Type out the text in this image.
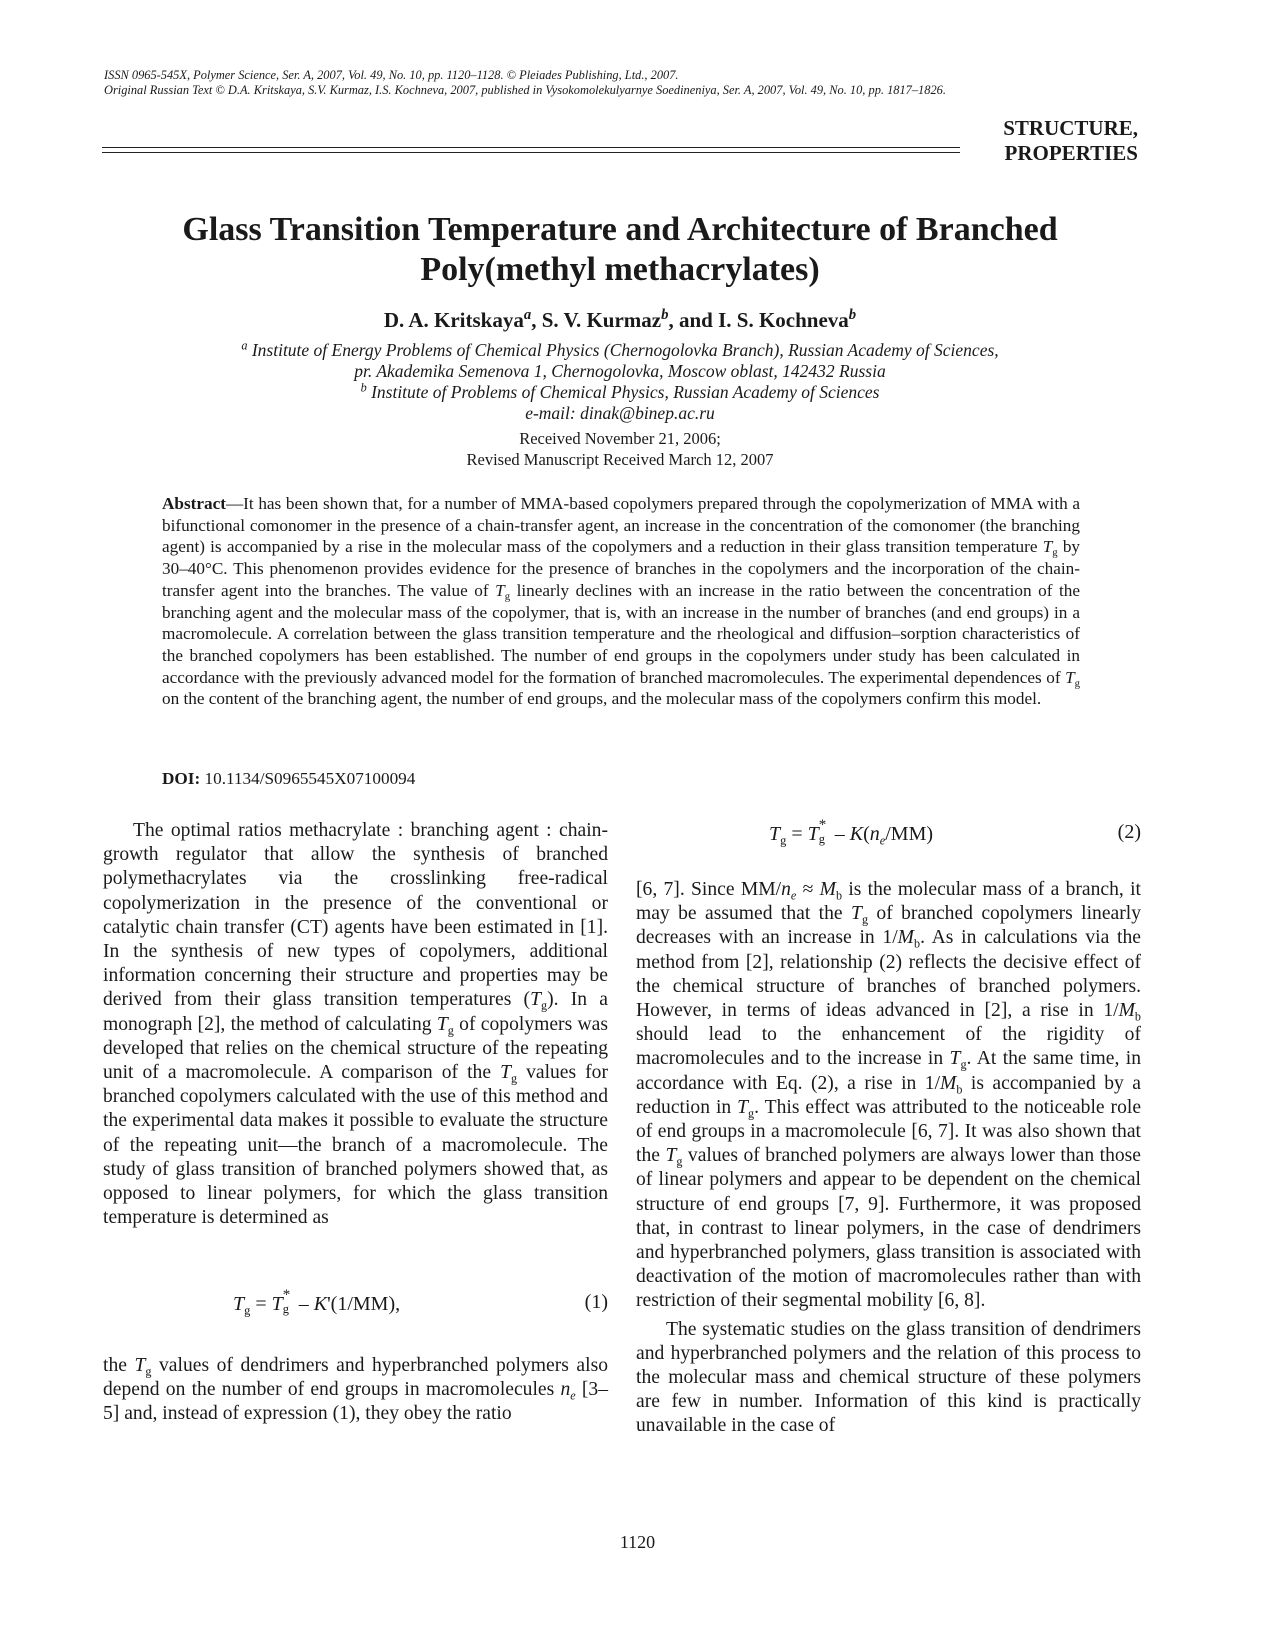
ISSN 0965-545X, Polymer Science, Ser. A, 2007, Vol. 49, No. 10, pp. 1120–1128. © Pleiades Publishing, Ltd., 2007.
Original Russian Text © D.A. Kritskaya, S.V. Kurmaz, I.S. Kochneva, 2007, published in Vysokomolekulyarnye Soedineniya, Ser. A, 2007, Vol. 49, No. 10, pp. 1817–1826.
STRUCTURE,
PROPERTIES
Glass Transition Temperature and Architecture of Branched
Poly(methyl methacrylates)
D. A. Kritskaya$^a$, S. V. Kurmaz$^b$, and I. S. Kochneva$^b$
$^a$ Institute of Energy Problems of Chemical Physics (Chernogolovka Branch), Russian Academy of Sciences,
pr. Akademika Semenova 1, Chernogolovka, Moscow oblast, 142432 Russia
$^b$ Institute of Problems of Chemical Physics, Russian Academy of Sciences
e-mail: dinak@binep.ac.ru
Received November 21, 2006;
Revised Manuscript Received March 12, 2007
Abstract—It has been shown that, for a number of MMA-based copolymers prepared through the copolymerization of MMA with a bifunctional comonomer in the presence of a chain-transfer agent, an increase in the concentration of the comonomer (the branching agent) is accompanied by a rise in the molecular mass of the copolymers and a reduction in their glass transition temperature $T_g$ by 30–40°C. This phenomenon provides evidence for the presence of branches in the copolymers and the incorporation of the chain-transfer agent into the branches. The value of $T_g$ linearly declines with an increase in the ratio between the concentration of the branching agent and the molecular mass of the copolymer, that is, with an increase in the number of branches (and end groups) in a macromolecule. A correlation between the glass transition temperature and the rheological and diffusion–sorption characteristics of the branched copolymers has been established. The number of end groups in the copolymers under study has been calculated in accordance with the previously advanced model for the formation of branched macromolecules. The experimental dependences of $T_g$ on the content of the branching agent, the number of end groups, and the molecular mass of the copolymers confirm this model.
DOI: 10.1134/S0965545X07100094

The optimal ratios methacrylate : branching agent : chain-growth regulator that allow the synthesis of branched polymethacrylates via the crosslinking free-radical copolymerization in the presence of the conventional or catalytic chain transfer (CT) agents have been estimated in [1]. In the synthesis of new types of copolymers, additional information concerning their structure and properties may be derived from their glass transition temperatures $(T_g)$. In a monograph [2], the method of calculating $T_g$ of copolymers was developed that relies on the chemical structure of the repeating unit of a macromolecule. A comparison of the $T_g$ values for branched copolymers calculated with the use of this method and the experimental data makes it possible to evaluate the structure of the repeating unit—the branch of a macromolecule. The study of glass transition of branched polymers showed that, as opposed to linear polymers, for which the glass transition temperature is determined as

$T_g = T$ *
g – K'(1/MM),	(1)

the $T_g$ values of dendrimers and hyperbranched polymers also depend on the number of end groups in macromolecules $n_e$ [3–5] and, instead of expression (1), they obey the ratio

$T_g = T$ *
g – $K(n_e/MM)$	(2)

[6, 7]. Since $MM/n_e \approx M_b$ is the molecular mass of a branch, it may be assumed that the $T_g$ of branched copolymers linearly decreases with an increase in $1/M_b$. As in calculations via the method from [2], relationship (2) reflects the decisive effect of the chemical structure of branches of branched polymers. However, in terms of ideas advanced in [2], a rise in $1/M_b$ should lead to the enhancement of the rigidity of macromolecules and to the increase in $T_g$. At the same time, in accordance with Eq. (2), a rise in $1/M_b$ is accompanied by a reduction in $T_g$. This effect was attributed to the noticeable role of end groups in a macromolecule [6, 7]. It was also shown that the $T_g$ values of branched polymers are always lower than those of linear polymers and appear to be dependent on the chemical structure of end groups [7, 9]. Furthermore, it was proposed that, in contrast to linear polymers, in the case of dendrimers and hyperbranched polymers, glass transition is associated with deactivation of the motion of macromolecules rather than with restriction of their segmental mobility [6, 8].

The systematic studies on the glass transition of dendrimers and hyperbranched polymers and the relation of this process to the molecular mass and chemical structure of these polymers are few in number. Information of this kind is practically unavailable in the case of

1120
